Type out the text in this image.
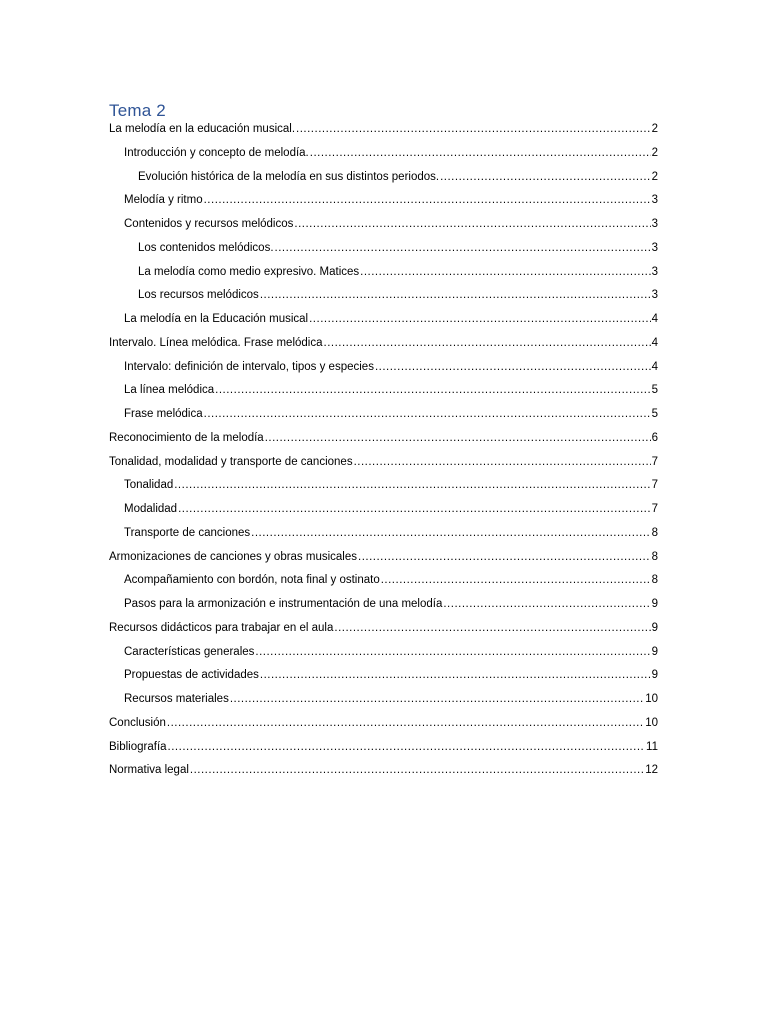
Tema 2
La melodía en la educación musical. .....	2
Introducción y concepto de melodía. .....	2
Evolución histórica de la melodía en sus distintos periodos. .....	2
Melodía y ritmo .....	3
Contenidos y recursos melódicos .....	3
Los contenidos melódicos. .....	3
La melodía como medio expresivo. Matices .....	3
Los recursos melódicos .....	3
La melodía en la Educación musical .....	4
Intervalo. Línea melódica. Frase melódica .....	4
Intervalo: definición de intervalo, tipos y especies .....	4
La línea melódica .....	5
Frase melódica .....	5
Reconocimiento de la melodía .....	6
Tonalidad, modalidad y transporte de canciones .....	7
Tonalidad .....	7
Modalidad .....	7
Transporte de canciones .....	8
Armonizaciones de canciones y obras musicales .....	8
Acompañamiento con bordón, nota final y ostinato .....	8
Pasos para la armonización e instrumentación de una melodía .....	9
Recursos didácticos para trabajar en el aula .....	9
Características generales .....	9
Propuestas de actividades .....	9
Recursos materiales .....	10
Conclusión .....	10
Bibliografía .....	11
Normativa legal .....	12
